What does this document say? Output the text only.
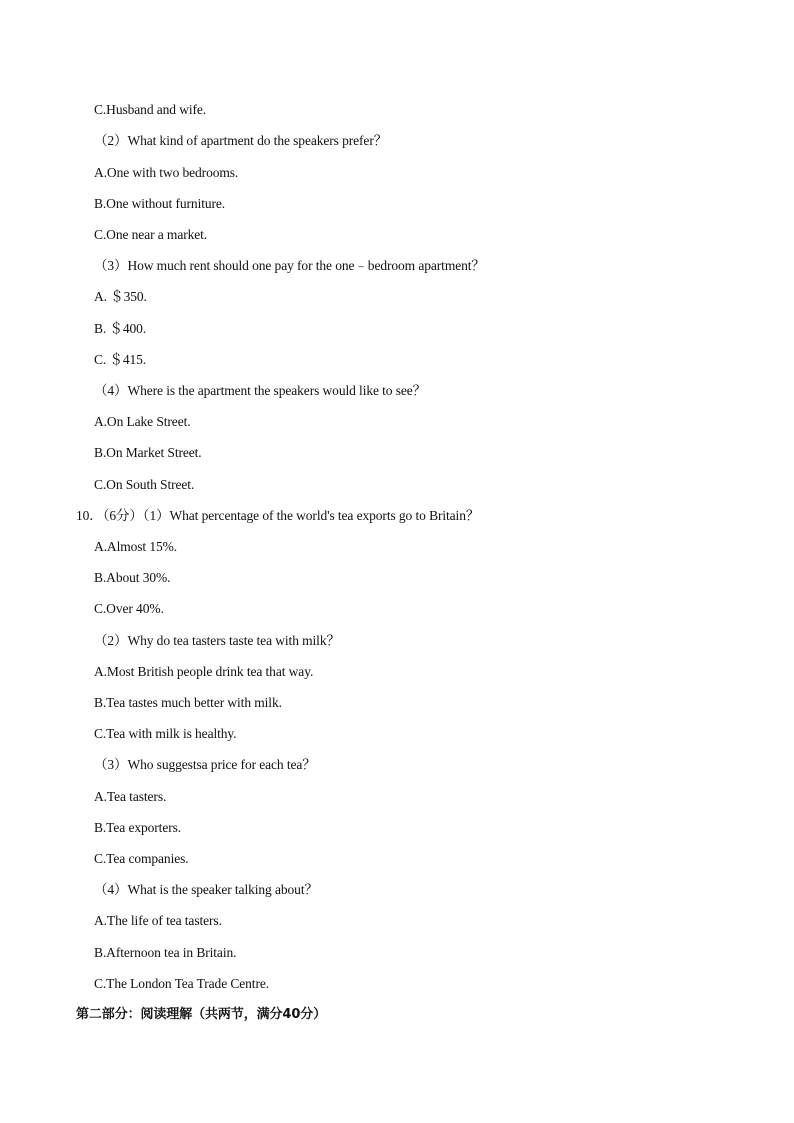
C.Husband and wife.
（2）What kind of apartment do the speakers prefer？
A.One with two bedrooms.
B.One without furniture.
C.One near a market.
（3）How much rent should one pay for the one﹣bedroom apartment？
A. ＄350.
B. ＄400.
C. ＄415.
（4）Where is the apartment the speakers would like to see？
A.On Lake Street.
B.On Market Street.
C.On South Street.
10．（6分）（1）What percentage of the world's tea exports go to Britain？
A.Almost 15%.
B.About 30%.
C.Over 40%.
（2）Why do tea tasters taste tea with milk？
A.Most British people drink tea that way.
B.Tea tastes much better with milk.
C.Tea with milk is healthy.
（3）Who suggestsa price for each tea？
A.Tea tasters.
B.Tea exporters.
C.Tea companies.
（4）What is the speaker talking about？
A.The life of tea tasters.
B.Afternoon tea in Britain.
C.The London Tea Trade Centre.
第二部分：阅读理解（共两节，满分40分）
